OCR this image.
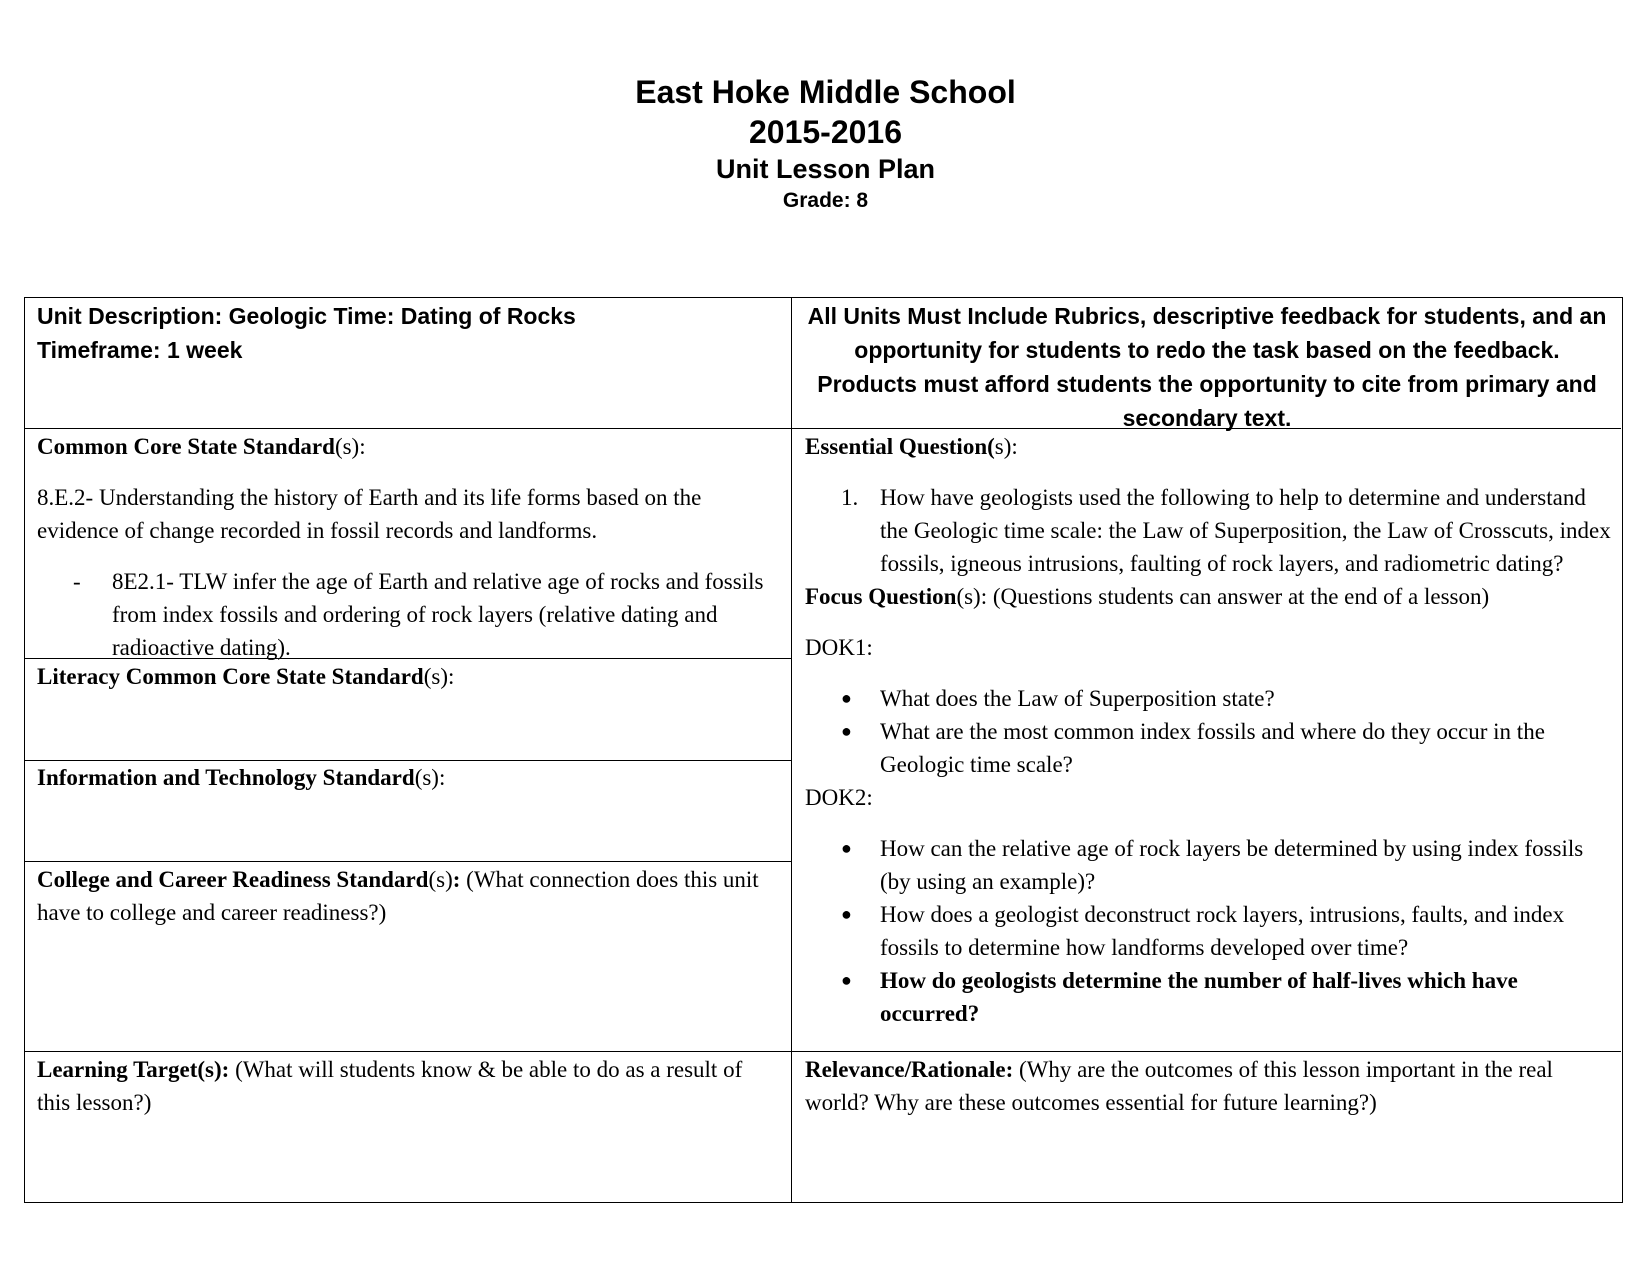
East Hoke Middle School
2015-2016
Unit Lesson Plan
Grade: 8

Unit Description: Geologic Time: Dating of Rocks

Timeframe: 1 week

All Units Must Include Rubrics, descriptive feedback for students, and an opportunity for students to redo the task based on the feedback. Products must afford students the opportunity to cite from primary and secondary text.

Common Core State Standard(s):

8.E.2- Understanding the history of Earth and its life forms based on the evidence of change recorded in fossil records and landforms.

- 8E2.1- TLW infer the age of Earth and relative age of rocks and fossils from index fossils and ordering of rock layers (relative dating and radioactive dating).

Literacy Common Core State Standard(s):

Information and Technology Standard(s):

College and Career Readiness Standard(s): (What connection does this unit have to college and career readiness?)

Essential Question(s):

1. How have geologists used the following to help to determine and understand the Geologic time scale: the Law of Superposition, the Law of Crosscuts, index fossils, igneous intrusions, faulting of rock layers, and radiometric dating?

Focus Question(s): (Questions students can answer at the end of a lesson)

DOK1:

● What does the Law of Superposition state?
● What are the most common index fossils and where do they occur in the Geologic time scale?

DOK2:

● How can the relative age of rock layers be determined by using index fossils (by using an example)?
● How does a geologist deconstruct rock layers, intrusions, faults, and index fossils to determine how landforms developed over time?
● How do geologists determine the number of half-lives which have occurred?

Learning Target(s): (What will students know & be able to do as a result of this lesson?)

Relevance/Rationale: (Why are the outcomes of this lesson important in the real world? Why are these outcomes essential for future learning?)
